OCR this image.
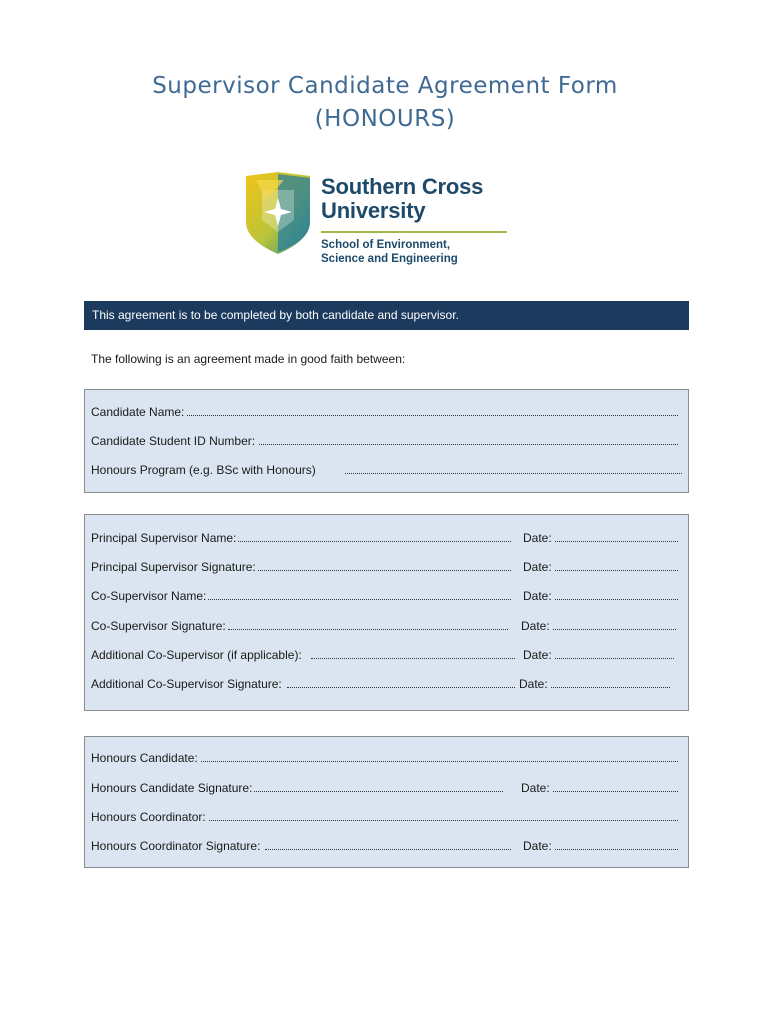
Supervisor Candidate Agreement Form
(HONOURS)
Southern Cross
University
School of Environment,
Science and Engineering
This agreement is to be completed by both candidate and supervisor.
The following is an agreement made in good faith between:
Candidate Name:
Candidate Student ID Number:
Honours Program (e.g. BSc with Honours)
Principal Supervisor Name:	Date:
Principal Supervisor Signature:	Date:
Co-Supervisor Name:	Date:
Co-Supervisor Signature:	Date:
Additional Co-Supervisor (if applicable):	Date:
Additional Co-Supervisor Signature:	Date:
Honours Candidate:
Honours Candidate Signature:	Date:
Honours Coordinator:
Honours Coordinator Signature:	Date:
